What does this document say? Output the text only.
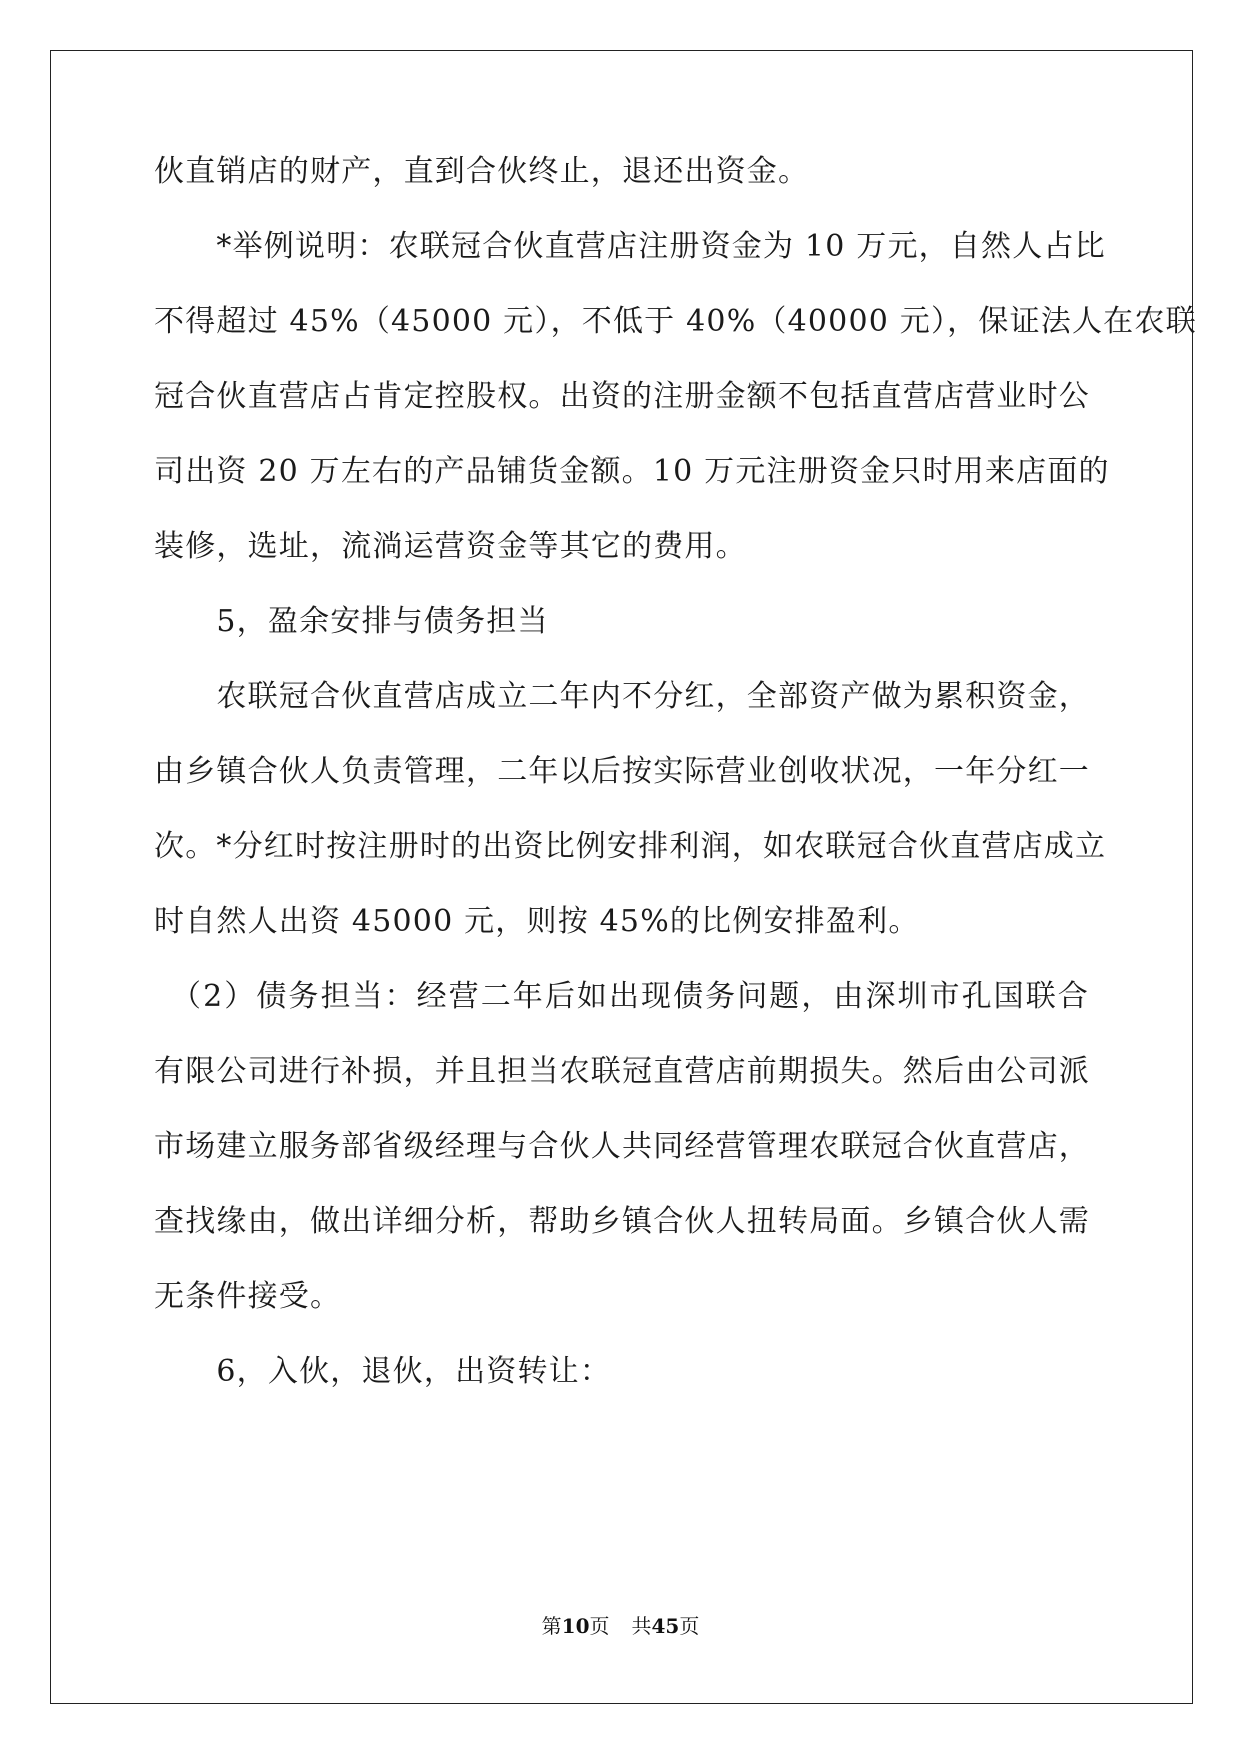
伙直销店的财产，直到合伙终止，退还出资金。
　　*举例说明：农联冠合伙直营店注册资金为 10 万元，自然人占比
不得超过 45%（45000 元），不低于 40%（40000 元），保证法人在农联
冠合伙直营店占肯定控股权。出资的注册金额不包括直营店营业时公
司出资 20 万左右的产品铺货金额。10 万元注册资金只时用来店面的
装修，选址，流淌运营资金等其它的费用。
　　5，盈余安排与债务担当
　　农联冠合伙直营店成立二年内不分红，全部资产做为累积资金，
由乡镇合伙人负责管理，二年以后按实际营业创收状况，一年分红一
次。*分红时按注册时的出资比例安排利润，如农联冠合伙直营店成立
时自然人出资 45000 元，则按 45%的比例安排盈利。
　（2）债务担当：经营二年后如出现债务问题，由深圳市孔国联合
有限公司进行补损，并且担当农联冠直营店前期损失。然后由公司派
市场建立服务部省级经理与合伙人共同经营管理农联冠合伙直营店，
查找缘由，做出详细分析，帮助乡镇合伙人扭转局面。乡镇合伙人需
无条件接受。
　　6，入伙，退伙，出资转让：
第10页 共45页
